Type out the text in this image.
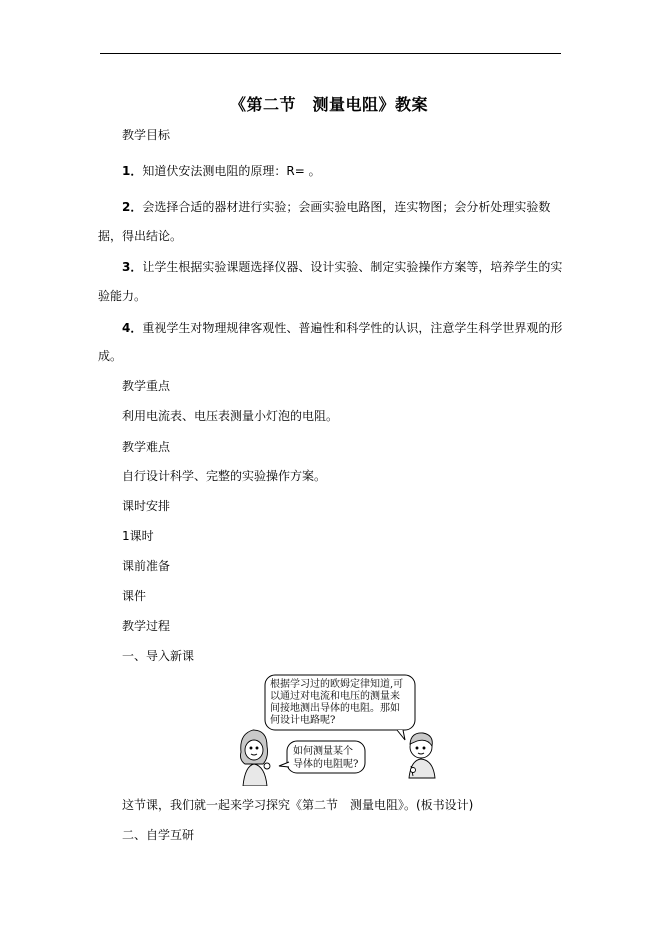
《第二节　测量电阻》教案
教学目标
1．知道伏安法测电阻的原理：R= 。
2．会选择合适的器材进行实验；会画实验电路图，连实物图；会分析处理实验数
据，得出结论。
3．让学生根据实验课题选择仪器、设计实验、制定实验操作方案等，培养学生的实
验能力。
4．重视学生对物理规律客观性、普遍性和科学性的认识，注意学生科学世界观的形
成。
教学重点
利用电流表、电压表测量小灯泡的电阻。
教学难点
自行设计科学、完整的实验操作方案。
课时安排
1课时
课前准备
课件
教学过程
一、导入新课
根据学习过的欧姆定律知道,可
以通过对电流和电压的测量来
间接地测出导体的电阻。那如
何设计电路呢?
如何测量某个
导体的电阻呢?
这节课，我们就一起来学习探究《第二节　测量电阻》。(板书设计)
二、自学互研
